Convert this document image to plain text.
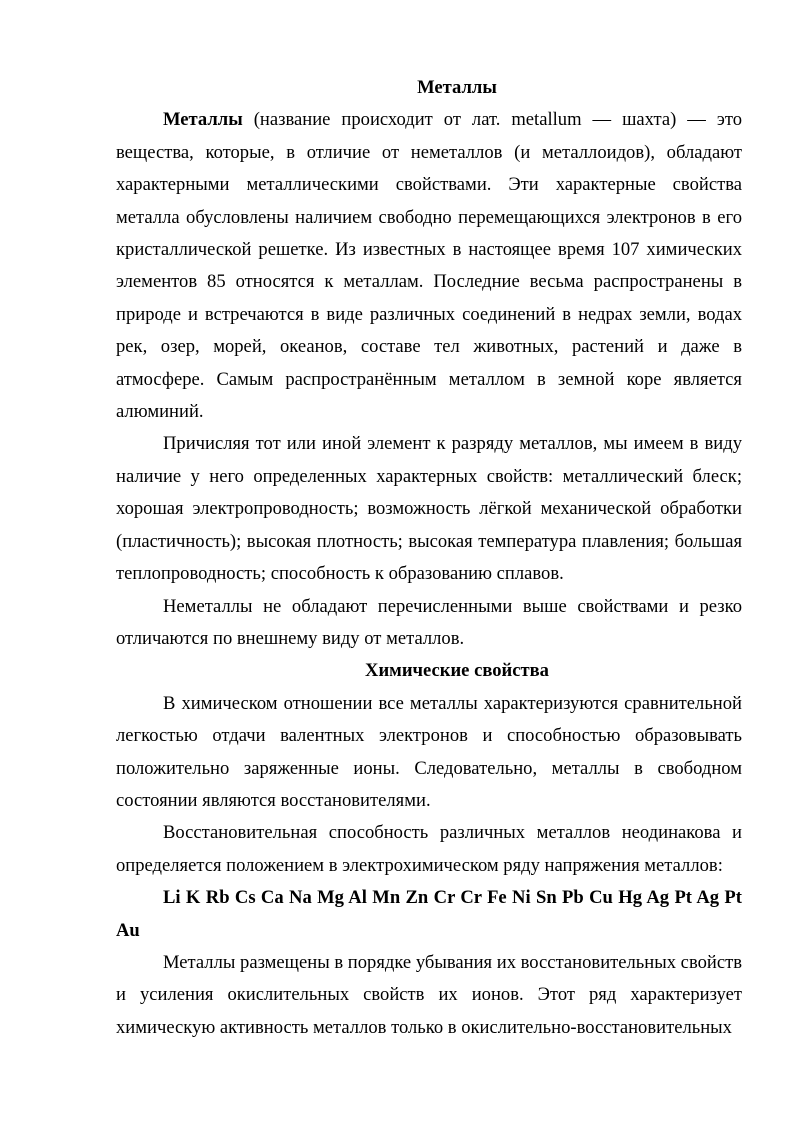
Металлы

Металлы (название происходит от лат. metallum — шахта) — это вещества, которые, в отличие от неметаллов (и металлоидов), обладают характерными металлическими свойствами. Эти характерные свойства металла обусловлены наличием свободно перемещающихся электронов в его кристаллической решетке. Из известных в настоящее время 107 химических элементов 85 относятся к металлам. Последние весьма распространены в природе и встречаются в виде различных соединений в недрах земли, водах рек, озер, морей, океанов, составе тел животных, растений и даже в атмосфере. Самым распространённым металлом в земной коре является алюминий.

Причисляя тот или иной элемент к разряду металлов, мы имеем в виду наличие у него определенных характерных свойств: металлический блеск; хорошая электропроводность; возможность лёгкой механической обработки (пластичность); высокая плотность; высокая температура плавления; большая теплопроводность; способность к образованию сплавов.

Неметаллы не обладают перечисленными выше свойствами и резко отличаются по внешнему виду от металлов.

Химические свойства

В химическом отношении все металлы характеризуются сравнительной легкостью отдачи валентных электронов и способностью образовывать положительно заряженные ионы. Следовательно, металлы в свободном состоянии являются восстановителями.

Восстановительная способность различных металлов неодинакова и определяется положением в электрохимическом ряду напряжения металлов:

Li K Rb Cs Ca Na Mg Al Mn Zn Cr Cr Fe Ni Sn Pb Cu Hg Ag Pt Ag Pt Au

Металлы размещены в порядке убывания их восстановительных свойств и усиления окислительных свойств их ионов. Этот ряд характеризует химическую активность металлов только в окислительно-восстановительных
